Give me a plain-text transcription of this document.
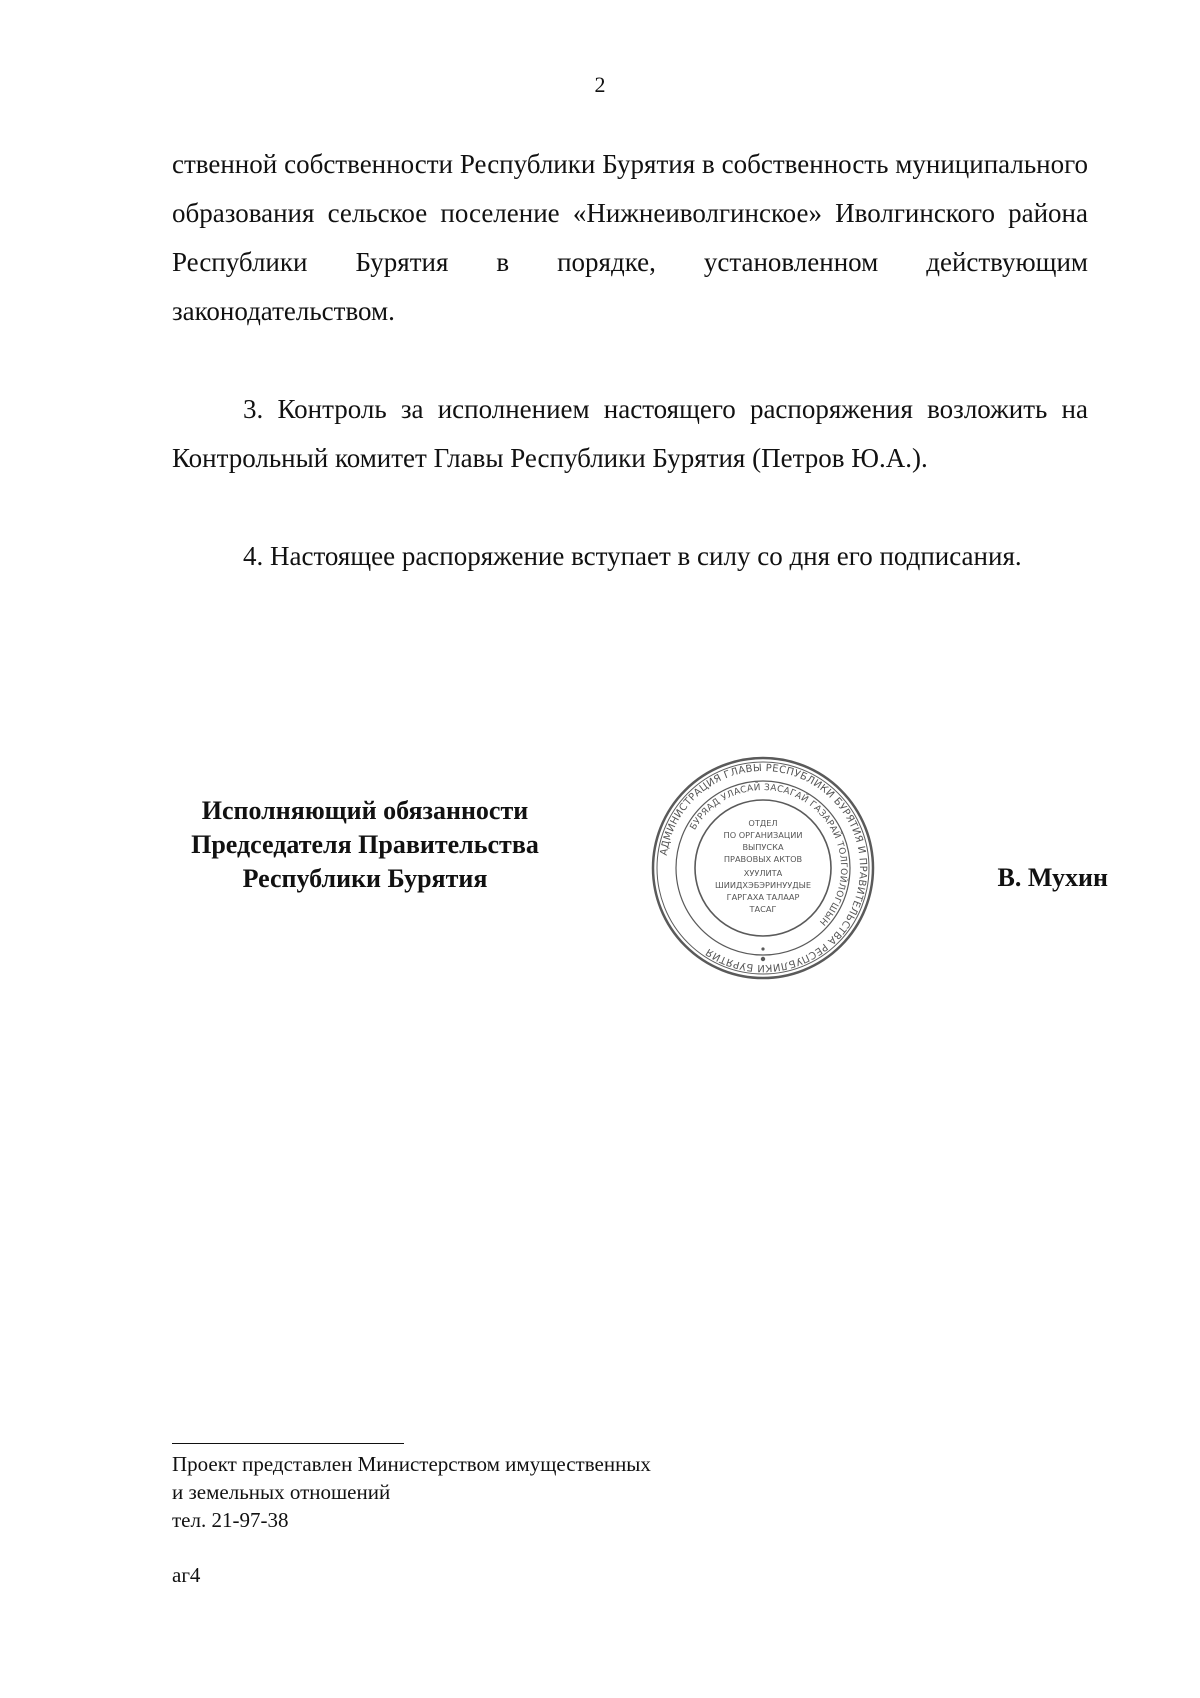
2

ственной собственности Республики Бурятия в собственность муниципального образования сельское поселение «Нижнеиволгинское» Иволгинского района Республики Бурятия в порядке, установленном действующим законодательством.

3. Контроль за исполнением настоящего распоряжения возложить на Контрольный комитет Главы Республики Бурятия (Петров Ю.А.).

4. Настоящее распоряжение вступает в силу со дня его подписания.

Исполняющий обязанности
Председателя Правительства
Республики Бурятия
АДМИНИСТРАЦИЯ ГЛАВЫ РЕСПУБЛИКИ БУРЯТИЯ И ПРАВИТЕЛЬСТВА РЕСПУБЛИКИ БУРЯТИЯ
БУРЯАД УЛАСАЙ ЗАСАГАЙ ГАЗАРАЙ ТОЛГОЙЛОГШЫН
ОТДЕЛ
ПО ОРГАНИЗАЦИИ
ВЫПУСКА
ПРАВОВЫХ АКТОВ
ХУУЛИТА
ШИИДХЭБЭРИНУУДЫЕ
ГАРГАХА ТАЛААР
ТАСАГ
В. Мухин
Проект представлен Министерством имущественных
и земельных отношений
тел. 21-97-38
аг4
